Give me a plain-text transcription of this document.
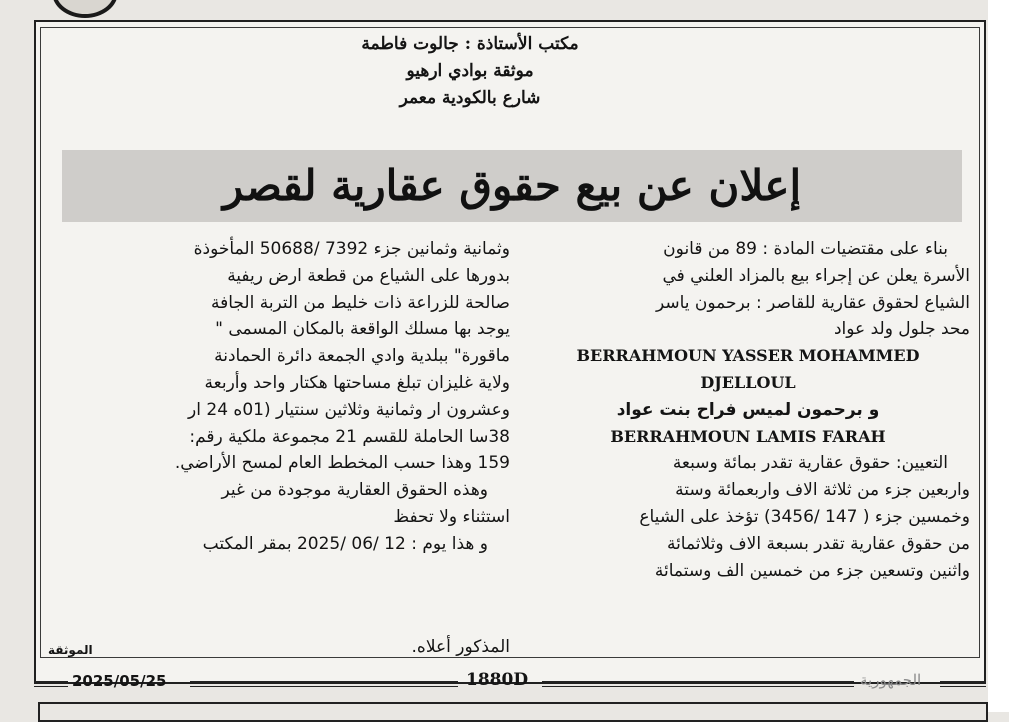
مكتب الأستاذة : جالوت فاطمة
موثقة بوادي ارهيو
شارع بالكودية معمر
إعلان عن بيع حقوق عقارية لقصر
بناء على مقتضيات المادة : 89 من قانون
الأسرة يعلن عن إجراء بيع بالمزاد العلني في
الشياع لحقوق عقارية للقاصر : برحمون ياسر
محد جلول ولد عواد
BERRAHMOUN YASSER MOHAMMED
DJELLOUL
و برحمون لميس فراح بنت عواد
BERRAHMOUN LAMIS FARAH
التعيين: حقوق عقارية تقدر بمائة وسبعة
واربعين جزء من ثلاثة الاف واربعمائة وستة
وخمسين جزء ( 147 /3456) تؤخذ على الشياع
من حقوق عقارية تقدر بسبعة الاف وثلاثمائة
واثنين وتسعين جزء من خمسين الف وستمائة
وثمانية وثمانين جزء 7392 /50688 المأخوذة
بدورها على الشياع من قطعة ارض ريفية
صالحة للزراعة ذات خليط من التربة الجافة
يوجد بها مسلك الواقعة بالمكان المسمى "
ماقورة" ببلدية وادي الجمعة دائرة الحمادنة
ولاية غليزان تبلغ مساحتها هكتار واحد وأربعة
وعشرون ار وثمانية وثلاثين سنتيار (01ه 24 ار
38سا الحاملة للقسم 21 مجموعة ملكية رقم:
159 وهذا حسب المخطط العام لمسح الأراضي.
وهذه الحقوق العقارية موجودة من غير
استثناء ولا تحفظ
و هذا يوم : 12 /06 /2025 بمقر المكتب
المذكور أعلاه.
الموثقة
2025/05/25	1880D	الجمهورية
